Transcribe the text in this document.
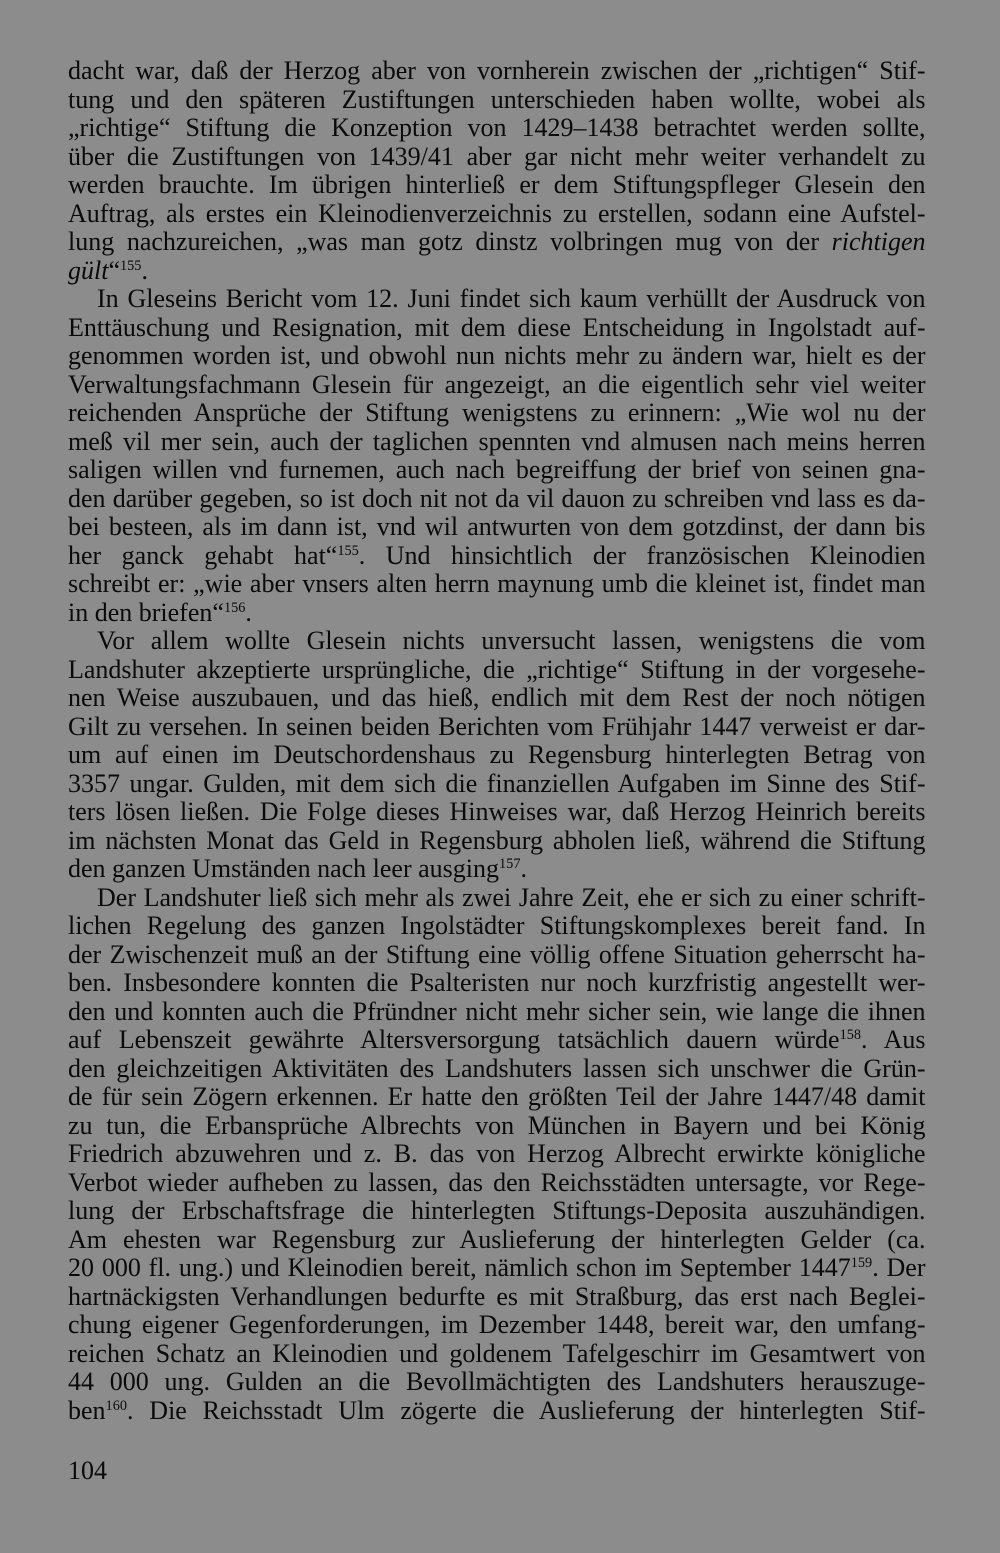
dacht war, daß der Herzog aber von vornherein zwischen der „richtigen“ Stif-
tung und den späteren Zustiftungen unterschieden haben wollte, wobei als
„richtige“ Stiftung die Konzeption von 1429–1438 betrachtet werden sollte,
über die Zustiftungen von 1439/41 aber gar nicht mehr weiter verhandelt zu
werden brauchte. Im übrigen hinterließ er dem Stiftungspfleger Glesein den
Auftrag, als erstes ein Kleinodienverzeichnis zu erstellen, sodann eine Aufstel-
lung nachzureichen, „was man gotz dinstz volbringen mug von der richtigen
gült“$^{155}$.
In Gleseins Bericht vom 12. Juni findet sich kaum verhüllt der Ausdruck von
Enttäuschung und Resignation, mit dem diese Entscheidung in Ingolstadt auf-
genommen worden ist, und obwohl nun nichts mehr zu ändern war, hielt es der
Verwaltungsfachmann Glesein für angezeigt, an die eigentlich sehr viel weiter
reichenden Ansprüche der Stiftung wenigstens zu erinnern: „Wie wol nu der
meß vil mer sein, auch der taglichen spennten vnd almusen nach meins herren
saligen willen vnd furnemen, auch nach begreiffung der brief von seinen gna-
den darüber gegeben, so ist doch nit not da vil dauon zu schreiben vnd lass es da-
bei besteen, als im dann ist, vnd wil antwurten von dem gotzdinst, der dann bis
her ganck gehabt hat“$^{155}$. Und hinsichtlich der französischen Kleinodien
schreibt er: „wie aber vnsers alten herrn maynung umb die kleinet ist, findet man
in den briefen“$^{156}$.
Vor allem wollte Glesein nichts unversucht lassen, wenigstens die vom
Landshuter akzeptierte ursprüngliche, die „richtige“ Stiftung in der vorgesehe-
nen Weise auszubauen, und das hieß, endlich mit dem Rest der noch nötigen
Gilt zu versehen. In seinen beiden Berichten vom Frühjahr 1447 verweist er dar-
um auf einen im Deutschordenshaus zu Regensburg hinterlegten Betrag von
3357 ungar. Gulden, mit dem sich die finanziellen Aufgaben im Sinne des Stif-
ters lösen ließen. Die Folge dieses Hinweises war, daß Herzog Heinrich bereits
im nächsten Monat das Geld in Regensburg abholen ließ, während die Stiftung
den ganzen Umständen nach leer ausging$^{157}$.
Der Landshuter ließ sich mehr als zwei Jahre Zeit, ehe er sich zu einer schrift-
lichen Regelung des ganzen Ingolstädter Stiftungskomplexes bereit fand. In
der Zwischenzeit muß an der Stiftung eine völlig offene Situation geherrscht ha-
ben. Insbesondere konnten die Psalteristen nur noch kurzfristig angestellt wer-
den und konnten auch die Pfründner nicht mehr sicher sein, wie lange die ihnen
auf Lebenszeit gewährte Altersversorgung tatsächlich dauern würde$^{158}$. Aus
den gleichzeitigen Aktivitäten des Landshuters lassen sich unschwer die Grün-
de für sein Zögern erkennen. Er hatte den größten Teil der Jahre 1447/48 damit
zu tun, die Erbansprüche Albrechts von München in Bayern und bei König
Friedrich abzuwehren und z. B. das von Herzog Albrecht erwirkte königliche
Verbot wieder aufheben zu lassen, das den Reichsstädten untersagte, vor Rege-
lung der Erbschaftsfrage die hinterlegten Stiftungs-Deposita auszuhändigen.
Am ehesten war Regensburg zur Auslieferung der hinterlegten Gelder (ca.
20 000 fl. ung.) und Kleinodien bereit, nämlich schon im September 1447$^{159}$. Der
hartnäckigsten Verhandlungen bedurfte es mit Straßburg, das erst nach Beglei-
chung eigener Gegenforderungen, im Dezember 1448, bereit war, den umfang-
reichen Schatz an Kleinodien und goldenem Tafelgeschirr im Gesamtwert von
44 000 ung. Gulden an die Bevollmächtigten des Landshuters herauszuge-
ben$^{160}$. Die Reichsstadt Ulm zögerte die Auslieferung der hinterlegten Stif-
104
